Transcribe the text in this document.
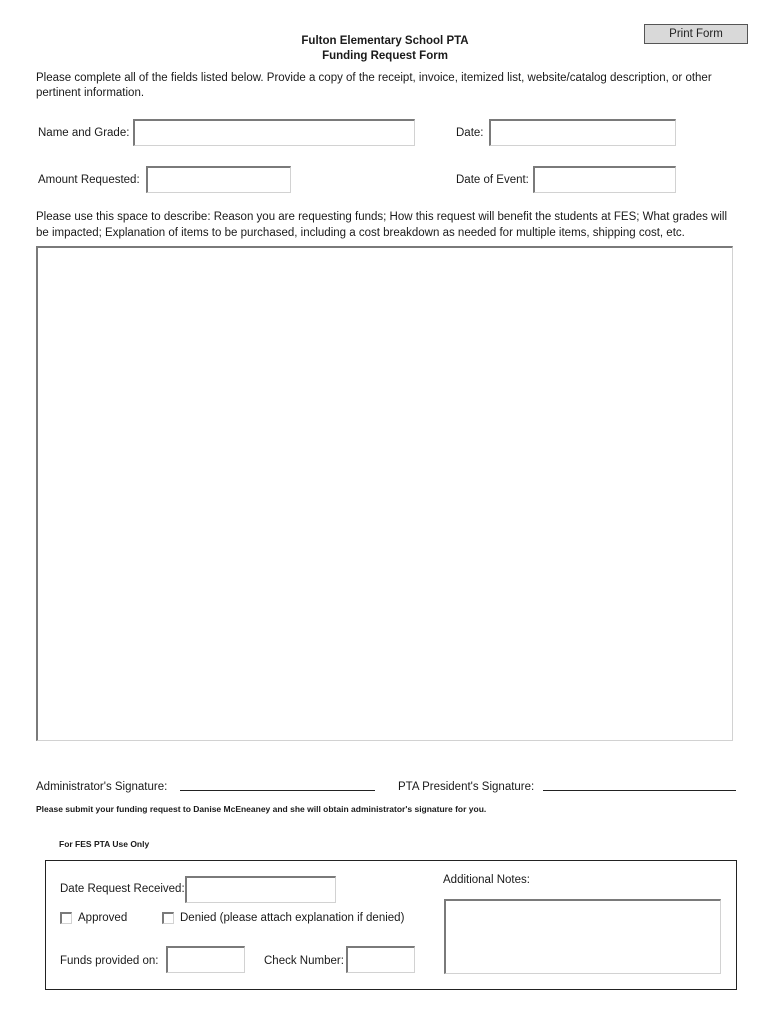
Print Form
Fulton Elementary School PTA
Funding Request Form
Please complete all of the fields listed below. Provide a copy of the receipt, invoice, itemized list, website/catalog description, or other
pertinent information.
Name and Grade:	Date:
Amount Requested:	Date of Event:
Please use this space to describe: Reason you are requesting funds; How this request will benefit the students at FES; What grades will
be impacted; Explanation of items to be purchased, including a cost breakdown as needed for multiple items, shipping cost, etc.
Administrator's Signature:	PTA President's Signature:
Please submit your funding request to Danise McEneaney and she will obtain administrator's signature for you.
For FES PTA Use Only
Date Request Received:
Approved	Denied (please attach explanation if denied)
Funds provided on:	Check Number:
Additional Notes:
